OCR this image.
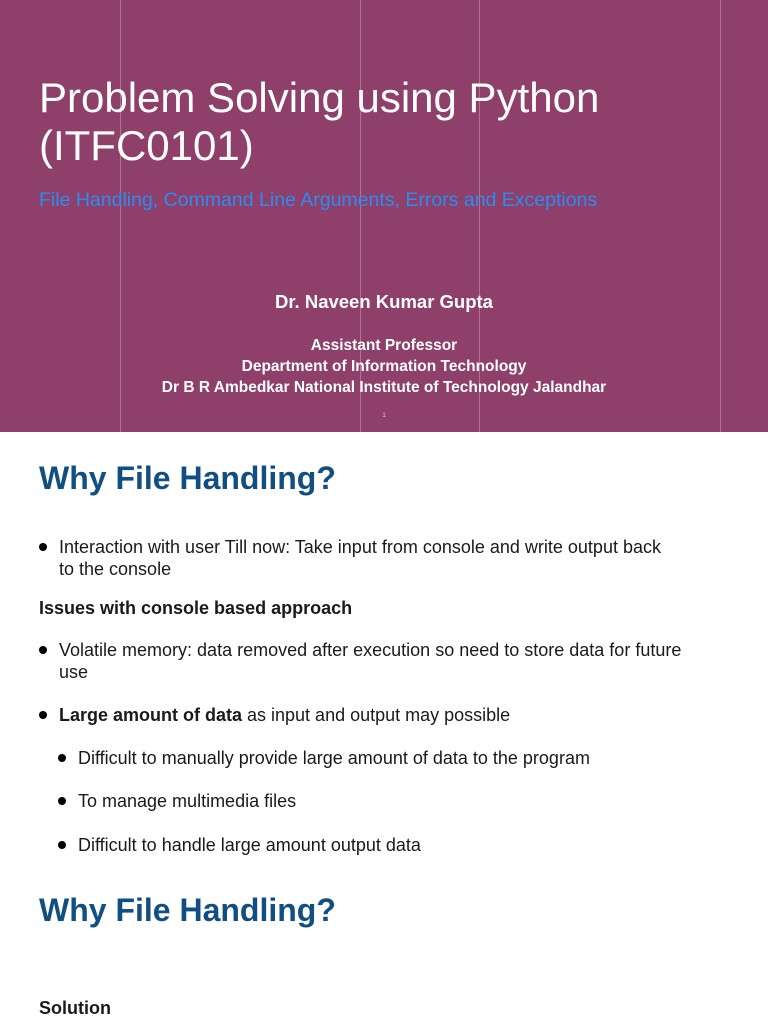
Problem Solving using Python
(ITFC0101)

File Handling, Command Line Arguments, Errors and Exceptions

Dr. Naveen Kumar Gupta

Assistant Professor

Department of Information Technology

Dr B R Ambedkar National Institute of Technology Jalandhar

1
Why File Handling?
Interaction with user Till now: Take input from console and write output back
to the console
Issues with console based approach
Volatile memory: data removed after execution so need to store data for future
use
Large amount of data as input and output may possible
Difficult to manually provide large amount of data to the program
To manage multimedia files
Difficult to handle large amount output data
Why File Handling?
Solution
